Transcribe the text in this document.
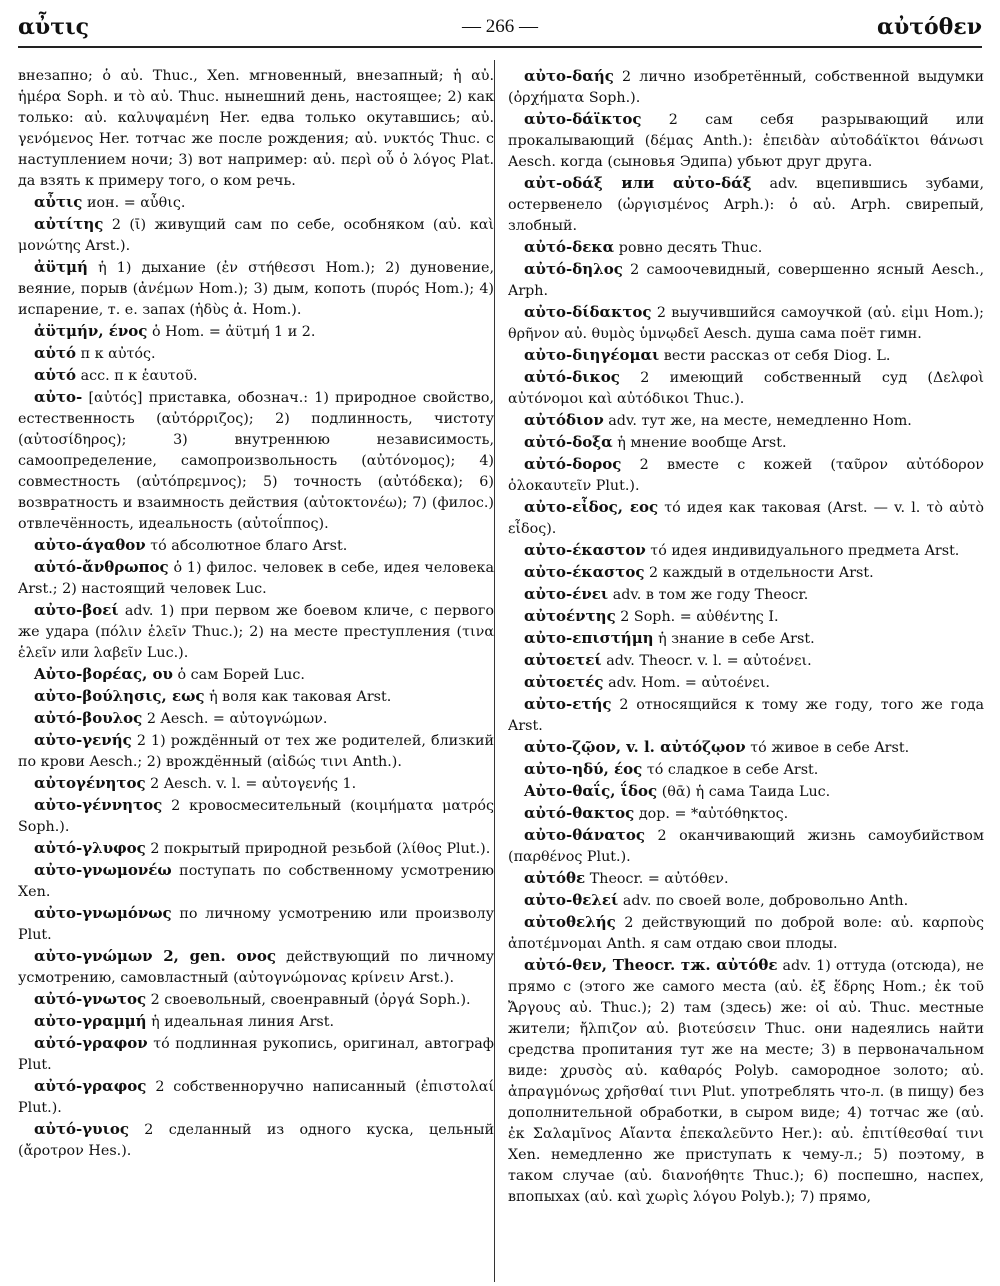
αὖτις	— 266 —	αὐτόθεν

внезапно; ὁ αὐ. Thuc., Xen. мгновенный, внезапный; ἡ αὐ. ἡμέρα Soph. и τὸ αὐ. Thuc. нынешний день, настоящее; 2) как только: αὐ. καλυψαμένη Her. едва только окутавшись; αὐ. γενόμενος Her. тотчас же после рождения; αὐ. νυκτός Thuc. с наступлением ночи; 3) вот например: αὐ. περὶ οὗ ὁ λόγος Plat. да взять к примеру того, о ком речь.

αὖτις ион. = αὖθις.

αὐτίτης 2 (ῑ) живущий сам по себе, особняком (αὐ. καὶ μονώτης Arst.).

ἀϋτμή ἡ 1) дыхание (ἐν στήθεσσι Hom.); 2) дуновение, веяние, порыв (ἀνέμων Hom.); 3) дым, копоть (πυρός Hom.); 4) испарение, т. е. запах (ἡδὺς ἀ. Hom.).

ἀϋτμήν, ένος ὁ Hom. = ἀϋτμή 1 и 2.

αὑτό п к αὐτός.

αὑτό acc. п к ἑαυτοῦ.

αὐτο- [αὐτός] приставка, обознач.: 1) природное свойство, естественность (αὐτόρριζος); 2) подлинность, чистоту (αὐτοσίδηρος); 3) внутреннюю независимость, самоопределение, самопроизвольность (αὐτόνομος); 4) совместность (αὐτόπρεμνος); 5) точность (αὐτόδεκα); 6) возвратность и взаимность действия (αὐτοκτονέω); 7) (филос.) отвлечённость, идеальность (αὐτοΐππος).

αὐτο-άγαθον τό абсолютное благо Arst.

αὐτό-ἄνθρωπος ὁ 1) филос. человек в себе, идея человека Arst.; 2) настоящий человек Luc.

αὐτο-βοεί adv. 1) при первом же боевом кличе, с первого же удара (πόλιν ἑλεῖν Thuc.); 2) на месте преступления (τινα ἑλεῖν или λαβεῖν Luc.).

Αὐτο-βορέας, ου ὁ сам Борей Luc.

αὐτο-βούλησις, εως ἡ воля как таковая Arst.

αὐτό-βουλος 2 Aesch. = αὐτογνώμων.

αὐτο-γενής 2 1) рождённый от тех же родителей, близкий по крови Aesch.; 2) врождённый (αἰδώς τινι Anth.).

αὐτογένητος 2 Aesch. v. l. = αὐτογενής 1.

αὐτο-γέννητος 2 кровосмесительный (κοιμήματα ματρός Soph.).

αὐτό-γλυφος 2 покрытый природной резьбой (λίθος Plut.).

αὐτο-γνωμονέω поступать по собственному усмотрению Xen.

αὐτο-γνωμόνως по личному усмотрению или произволу Plut.

αὐτο-γνώμων 2, gen. ονος действующий по личному усмотрению, самовластный (αὐτογνώμονας κρίνειν Arst.).

αὐτό-γνωτος 2 своевольный, своенравный (ὀργά Soph.).

αὐτο-γραμμή ἡ идеальная линия Arst.

αὐτό-γραφον τό подлинная рукопись, оригинал, автограф Plut.

αὐτό-γραφος 2 собственноручно написанный (ἐπιστολαί Plut.).

αὐτό-γυιος 2 сделанный из одного куска, цельный (ἄροτρον Hes.).

αὐτο-δαής 2 лично изобретённый, собственной выдумки (ὀρχήματα Soph.).

αὐτο-δάϊκτος 2 сам себя разрывающий или прокалывающий (δέμας Anth.): ἐπειδὰν αὐτοδάϊκτοι θάνωσι Aesch. когда (сыновья Эдипа) убьют друг друга.

αὐτ-οδάξ или αὐτο-δάξ adv. вцепившись зубами, остервенело (ὠργισμένος Arph.): ὁ αὐ. Arph. свирепый, злобный.

αὐτό-δεκα ровно десять Thuc.

αὐτό-δηλος 2 самоочевидный, совершенно ясный Aesch., Arph.

αὐτο-δίδακτος 2 выучившийся самоучкой (αὐ. εἰμι Hom.); θρῆνον αὐ. θυμὸς ὑμνῳδεῖ Aesch. душа сама поёт гимн.

αὐτο-διηγέομαι вести рассказ от себя Diog. L.

αὐτό-δικος 2 имеющий собственный суд (Δελφοὶ αὐτόνομοι καὶ αὐτόδικοι Thuc.).

αὐτόδιον adv. тут же, на месте, немедленно Hom.

αὐτό-δοξα ἡ мнение вообще Arst.

αὐτό-δορος 2 вместе с кожей (ταῦρον αὐτόδορον ὁλοκαυτεῖν Plut.).

αὐτο-εἶδος, εος τό идея как таковая (Arst. — v. l. τὸ αὐτὸ εἶδος).

αὐτο-έκαστον τό идея индивидуального предмета Arst.

αὐτο-έκαστος 2 каждый в отдельности Arst.

αὐτο-ένει adv. в том же году Theocr.

αὐτοέντης 2 Soph. = αὐθέντης I.

αὐτο-επιστήμη ἡ знание в себе Arst.

αὐτοετεί adv. Theocr. v. l. = αὐτοένει.

αὐτοετές adv. Hom. = αὐτοένει.

αὐτο-ετής 2 относящийся к тому же году, того же года Arst.

αὐτο-ζῷον, v. l. αὐτόζῳον τό живое в себе Arst.

αὐτο-ηδύ, έος τό сладкое в себе Arst.

Αὐτο-θαΐς, ΐδος (θᾱ) ἡ сама Таида Luc.

αὐτό-θακτος дор. = *αὐτόθηκτος.

αὐτο-θάνατος 2 оканчивающий жизнь самоубийством (παρθένος Plut.).

αὐτόθε Theocr. = αὐτόθεν.

αὐτο-θελεί adv. по своей воле, добровольно Anth.

αὐτοθελής 2 действующий по доброй воле: αὐ. καρποὺς ἀποτέμνομαι Anth. я сам отдаю свои плоды.

αὐτό-θεν, Theocr. тж. αὐτόθε adv. 1) оттуда (отсюда), не прямо с (этого же самого места (αὐ. ἐξ ἕδρης Hom.; ἐκ τοῦ Ἄργους αὐ. Thuc.); 2) там (здесь) же: οἱ αὐ. Thuc. местные жители; ἤλπιζον αὐ. βιοτεύσειν Thuc. они надеялись найти средства пропитания тут же на месте; 3) в первоначальном виде: χρυσὸς αὐ. καθαρός Polyb. самородное золото; αὐ. ἀπραγμόνως χρῆσθαί τινι Plut. употреблять что-л. (в пищу) без дополнительной обработки, в сыром виде; 4) тотчас же (αὐ. ἐκ Σαλαμῖνος Αἴαντα ἐπεκαλεῦντο Her.): αὐ. ἐπιτίθεσθαί τινι Xen. немедленно же приступать к чему-л.; 5) поэтому, в таком случае (αὐ. διανοήθητε Thuc.); 6) поспешно, наспех, впопыхах (αὐ. καὶ χωρὶς λόγου Polyb.); 7) прямо,
